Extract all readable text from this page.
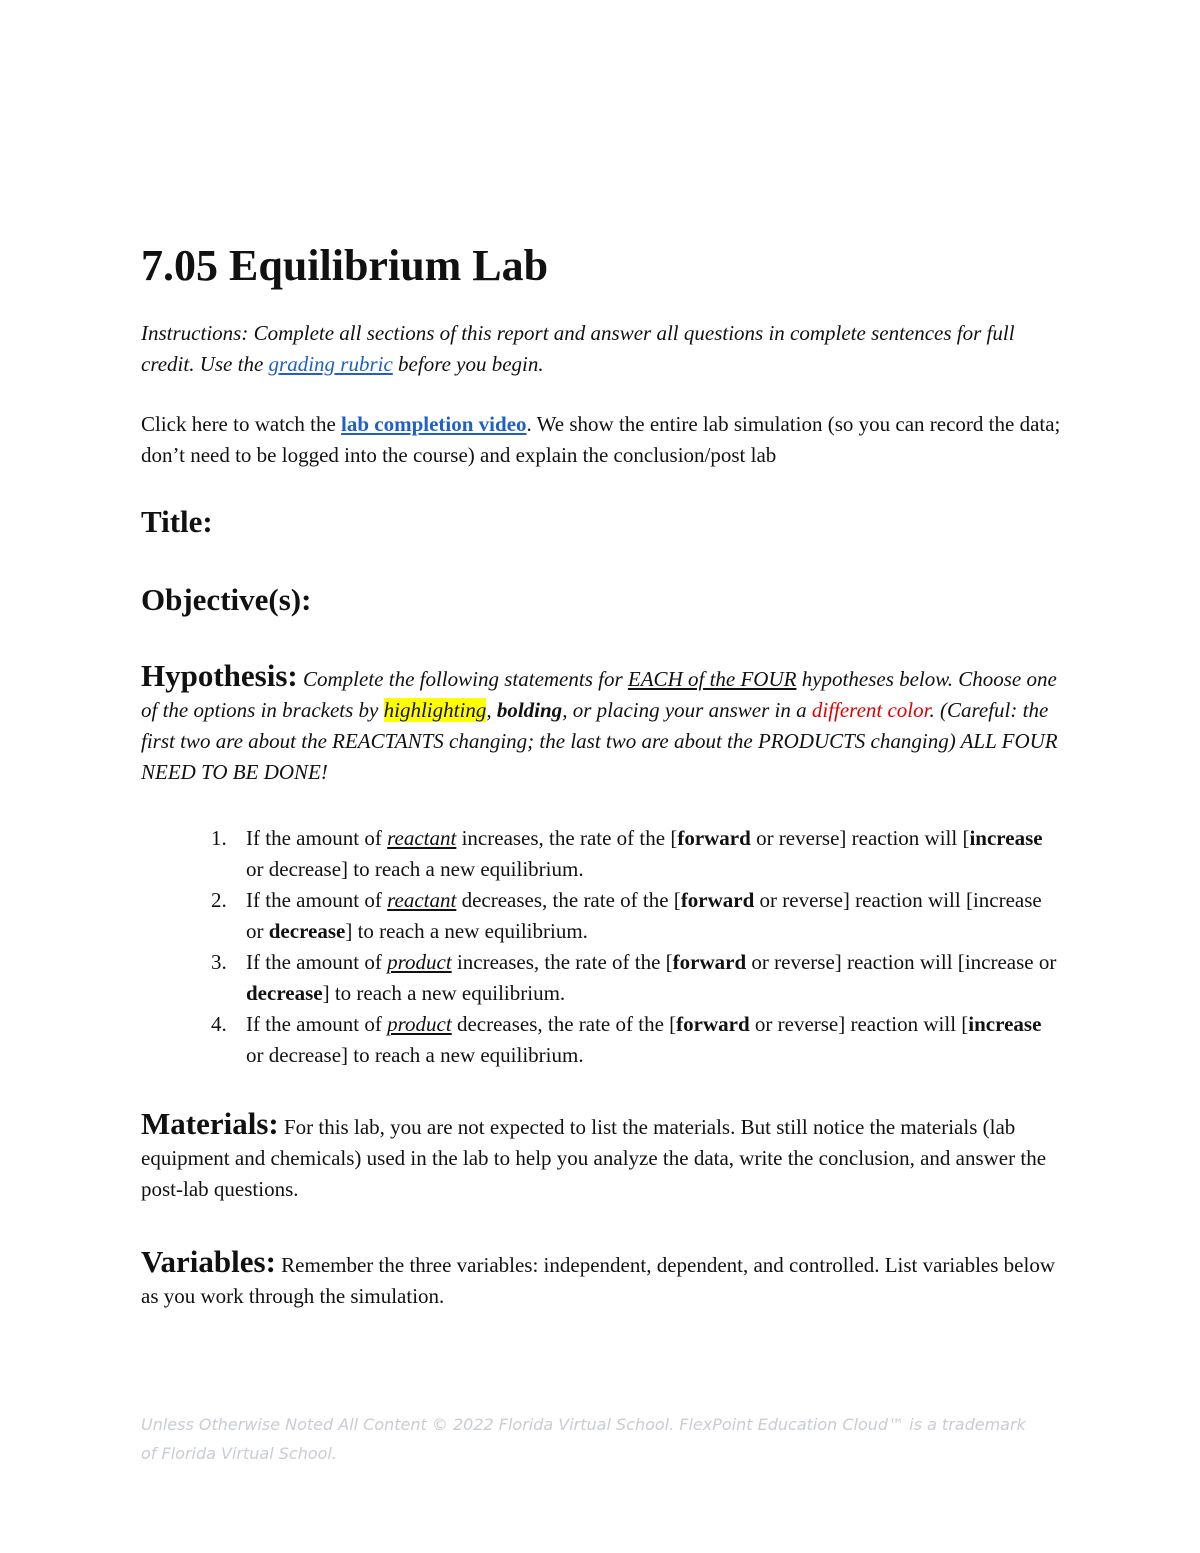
7.05 Equilibrium Lab

Instructions: Complete all sections of this report and answer all questions in complete sentences for full credit. Use the grading rubric before you begin.

Click here to watch the lab completion video. We show the entire lab simulation (so you can record the data; don’t need to be logged into the course) and explain the conclusion/post lab

Title:
Objective(s):

Hypothesis: Complete the following statements for EACH of the FOUR hypotheses below. Choose one of the options in brackets by highlighting, bolding, or placing your answer in a different color. (Careful: the first two are about the REACTANTS changing; the last two are about the PRODUCTS changing) ALL FOUR NEED TO BE DONE!

1. If the amount of reactant increases, the rate of the [forward or reverse] reaction will [increase or decrease] to reach a new equilibrium.
2. If the amount of reactant decreases, the rate of the [forward or reverse] reaction will [increase or decrease] to reach a new equilibrium.
3. If the amount of product increases, the rate of the [forward or reverse] reaction will [increase or decrease] to reach a new equilibrium.
4. If the amount of product decreases, the rate of the [forward or reverse] reaction will [increase or decrease] to reach a new equilibrium.

Materials: For this lab, you are not expected to list the materials. But still notice the materials (lab equipment and chemicals) used in the lab to help you analyze the data, write the conclusion, and answer the post-lab questions.

Variables: Remember the three variables: independent, dependent, and controlled. List variables below as you work through the simulation.

Unless Otherwise Noted All Content © 2022 Florida Virtual School. FlexPoint Education Cloud™ is a trademark of Florida Virtual School.
